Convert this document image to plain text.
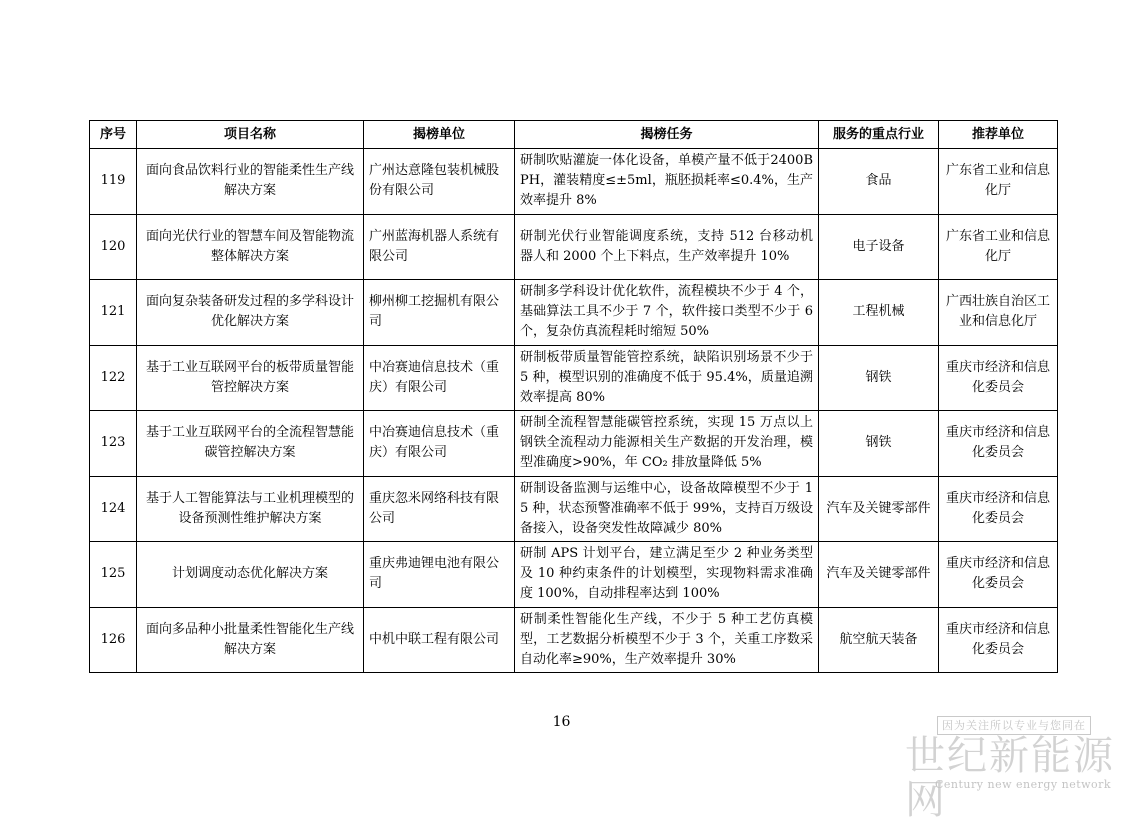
序号	项目名称	揭榜单位	揭榜任务	服务的重点行业	推荐单位
119	面向食品饮料行业的智能柔性生产线解决方案	广州达意隆包装机械股份有限公司	研制吹贴灌旋一体化设备，单模产量不低于2400BPH，灌装精度≤±5ml，瓶胚损耗率≤0.4%，生产效率提升 8%	食品	广东省工业和信息化厅
120	面向光伏行业的智慧车间及智能物流整体解决方案	广州蓝海机器人系统有限公司	研制光伏行业智能调度系统，支持 512 台移动机器人和 2000 个上下料点，生产效率提升 10%	电子设备	广东省工业和信息化厅
121	面向复杂装备研发过程的多学科设计优化解决方案	柳州柳工挖掘机有限公司	研制多学科设计优化软件，流程模块不少于 4 个，基础算法工具不少于 7 个，软件接口类型不少于 6 个，复杂仿真流程耗时缩短 50%	工程机械	广西壮族自治区工业和信息化厅
122	基于工业互联网平台的板带质量智能管控解决方案	中冶赛迪信息技术（重庆）有限公司	研制板带质量智能管控系统，缺陷识别场景不少于 5 种，模型识别的准确度不低于 95.4%，质量追溯效率提高 80%	钢铁	重庆市经济和信息化委员会
123	基于工业互联网平台的全流程智慧能碳管控解决方案	中冶赛迪信息技术（重庆）有限公司	研制全流程智慧能碳管控系统，实现 15 万点以上钢铁全流程动力能源相关生产数据的开发治理，模型准确度>90%，年 CO₂ 排放量降低 5%	钢铁	重庆市经济和信息化委员会
124	基于人工智能算法与工业机理模型的设备预测性维护解决方案	重庆忽米网络科技有限公司	研制设备监测与运维中心，设备故障模型不少于 15 种，状态预警准确率不低于 99%，支持百万级设备接入，设备突发性故障减少 80%	汽车及关键零部件	重庆市经济和信息化委员会
125	计划调度动态优化解决方案	重庆弗迪锂电池有限公司	研制 APS 计划平台，建立满足至少 2 种业务类型及 10 种约束条件的计划模型，实现物料需求准确度 100%，自动排程率达到 100%	汽车及关键零部件	重庆市经济和信息化委员会
126	面向多品种小批量柔性智能化生产线解决方案	中机中联工程有限公司	研制柔性智能化生产线，不少于 5 种工艺仿真模型，工艺数据分析模型不少于 3 个，关重工序数采自动化率≥90%，生产效率提升 30%	航空航天装备	重庆市经济和信息化委员会
16	因为关注所以专业与您同在
世纪新能源网
Century new energy network
